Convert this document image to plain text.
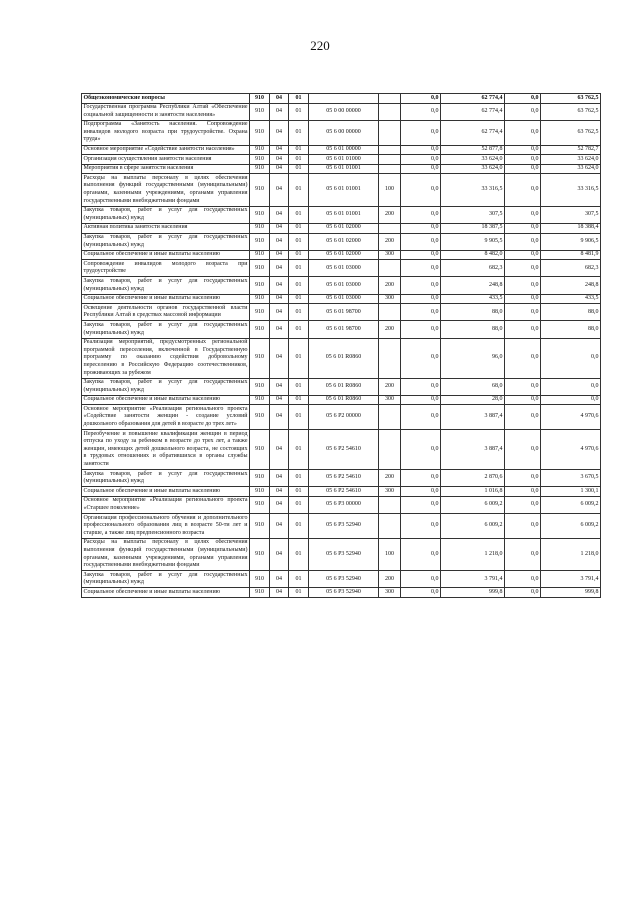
220
Общеэкономические вопросы	910	04	01			0,0	62 774,4	0,0	63 762,5
Государственная программа Республики Алтай «Обеспечение социальной защищенности и занятости населения»	910	04	01	05 0 00 00000		0,0	62 774,4	0,0	63 762,5
Подпрограмма «Занятость населения. Сопровождение инвалидов молодого возраста при трудоустройстве. Охрана труда»	910	04	01	05 6 00 00000		0,0	62 774,4	0,0	63 762,5
Основное мероприятие «Содействие занятости населения»	910	04	01	05 6 01 00000		0,0	52 877,8	0,0	52 782,7
Организация осуществления занятости населения	910	04	01	05 6 01 01000		0,0	33 624,0	0,0	33 624,0
Мероприятия в сфере занятости населения	910	04	01	05 6 01 01001		0,0	33 624,0	0,0	33 624,0
Расходы на выплаты персоналу в целях обеспечения выполнения функций государственными (муниципальными) органами, казенными учреждениями, органами управления государственными внебюджетными фондами	910	04	01	05 6 01 01001	100	0,0	33 316,5	0,0	33 316,5
Закупка товаров, работ и услуг для государственных (муниципальных) нужд	910	04	01	05 6 01 01001	200	0,0	307,5	0,0	307,5
Активная политика занятости населения	910	04	01	05 6 01 02000		0,0	18 387,5	0,0	18 388,4
Закупка товаров, работ и услуг для государственных (муниципальных) нужд	910	04	01	05 6 01 02000	200	0,0	9 905,5	0,0	9 906,5
Социальное обеспечение и иные выплаты населению	910	04	01	05 6 01 02000	300	0,0	8 482,0	0,0	8 481,9
Сопровождение инвалидов молодого возраста при трудоустройстве	910	04	01	05 6 01 03000		0,0	682,3	0,0	682,3
Закупка товаров, работ и услуг для государственных (муниципальных) нужд	910	04	01	05 6 01 03000	200	0,0	248,8	0,0	248,8
Социальное обеспечение и иные выплаты населению	910	04	01	05 6 01 03000	300	0,0	433,5	0,0	433,5
Освещение деятельности органов государственной власти Республики Алтай в средствах массовой информации	910	04	01	05 6 01 98700		0,0	88,0	0,0	88,0
Закупка товаров, работ и услуг для государственных (муниципальных) нужд	910	04	01	05 6 01 98700	200	0,0	88,0	0,0	88,0
Реализация мероприятий, предусмотренных региональной программой переселения, включенной в Государственную программу по оказанию содействия добровольному переселению в Российскую Федерацию соотечественников, проживающих за рубежом	910	04	01	05 6 01 R0860		0,0	96,0	0,0	0,0
Закупка товаров, работ и услуг для государственных (муниципальных) нужд	910	04	01	05 6 01 R0860	200	0,0	68,0	0,0	0,0
Социальное обеспечение и иные выплаты населению	910	04	01	05 6 01 R0860	300	0,0	28,0	0,0	0,0
Основное мероприятие «Реализация регионального проекта «Содействие занятости женщин - создание условий дошкольного образования для детей в возрасте до трех лет»	910	04	01	05 6 P2 00000		0,0	3 887,4	0,0	4 970,6
Переобучение и повышение квалификации женщин в период отпуска по уходу за ребенком в возрасте до трех лет, а также женщин, имеющих детей дошкольного возраста, не состоящих в трудовых отношениях и обратившихся в органы службы занятости	910	04	01	05 6 P2 54610		0,0	3 887,4	0,0	4 970,6
Закупка товаров, работ и услуг для государственных (муниципальных) нужд	910	04	01	05 6 P2 54610	200	0,0	2 870,6	0,0	3 670,5
Социальное обеспечение и иные выплаты населению	910	04	01	05 6 P2 54610	300	0,0	1 016,8	0,0	1 300,1
Основное мероприятие «Реализация регионального проекта «Старшее поколение»	910	04	01	05 6 P3 00000		0,0	6 009,2	0,0	6 009,2
Организация профессионального обучения и дополнительного профессионального образования лиц в возрасте 50-ти лет и старше, а также лиц предпенсионного возраста	910	04	01	05 6 P3 52940		0,0	6 009,2	0,0	6 009,2
Расходы на выплаты персоналу в целях обеспечения выполнения функций государственными (муниципальными) органами, казенными учреждениями, органами управления государственными внебюджетными фондами	910	04	01	05 6 P3 52940	100	0,0	1 218,0	0,0	1 218,0
Закупка товаров, работ и услуг для государственных (муниципальных) нужд	910	04	01	05 6 P3 52940	200	0,0	3 791,4	0,0	3 791,4
Социальное обеспечение и иные выплаты населению	910	04	01	05 6 P3 52940	300	0,0	999,8	0,0	999,8
